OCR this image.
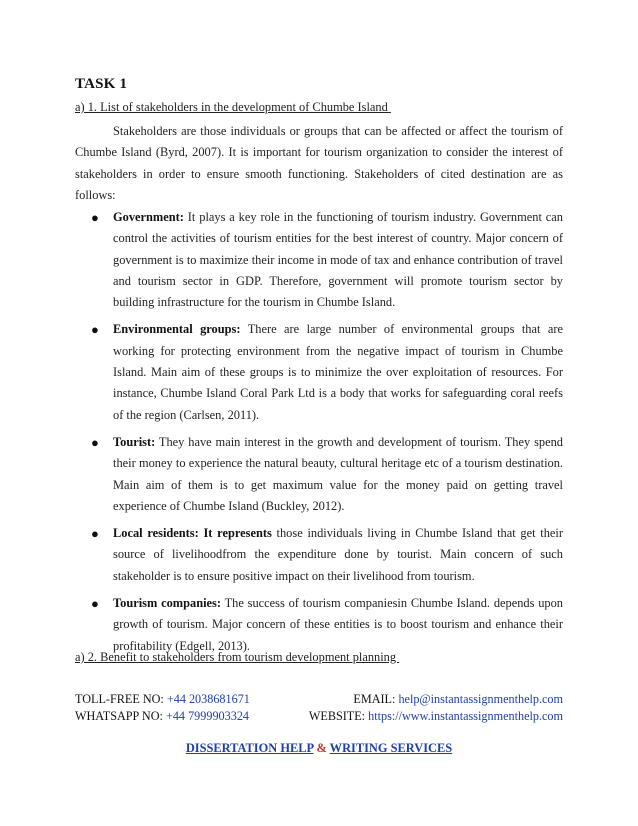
TASK 1
a) 1. List of stakeholders in the development of Chumbe Island
Stakeholders are those individuals or groups that can be affected or affect the tourism of Chumbe Island (Byrd, 2007). It is important for tourism organization to consider the interest of stakeholders in order to ensure smooth functioning. Stakeholders of cited destination are as follows:
● Government: It plays a key role in the functioning of tourism industry. Government can control the activities of tourism entities for the best interest of country. Major concern of government is to maximize their income in mode of tax and enhance contribution of travel and tourism sector in GDP. Therefore, government will promote tourism sector by building infrastructure for the tourism in Chumbe Island.
● Environmental groups: There are large number of environmental groups that are working for protecting environment from the negative impact of tourism in Chumbe Island. Main aim of these groups is to minimize the over exploitation of resources. For instance, Chumbe Island Coral Park Ltd is a body that works for safeguarding coral reefs of the region (Carlsen, 2011).
● Tourist: They have main interest in the growth and development of tourism. They spend their money to experience the natural beauty, cultural heritage etc of a tourism destination. Main aim of them is to get maximum value for the money paid on getting travel experience of Chumbe Island (Buckley, 2012).
● Local residents: It represents those individuals living in Chumbe Island that get their source of livelihoodfrom the expenditure done by tourist. Main concern of such stakeholder is to ensure positive impact on their livelihood from tourism.
● Tourism companies: The success of tourism companiesin Chumbe Island. depends upon growth of tourism. Major concern of these entities is to boost tourism and enhance their profitability (Edgell, 2013).
a) 2. Benefit to stakeholders from tourism development planning
TOLL-FREE NO: +44 2038681671	EMAIL: help@instantassignmenthelp.com
WHATSAPP NO: +44 7999903324	WEBSITE: https://www.instantassignmenthelp.com
DISSERTATION HELP & WRITING SERVICES
